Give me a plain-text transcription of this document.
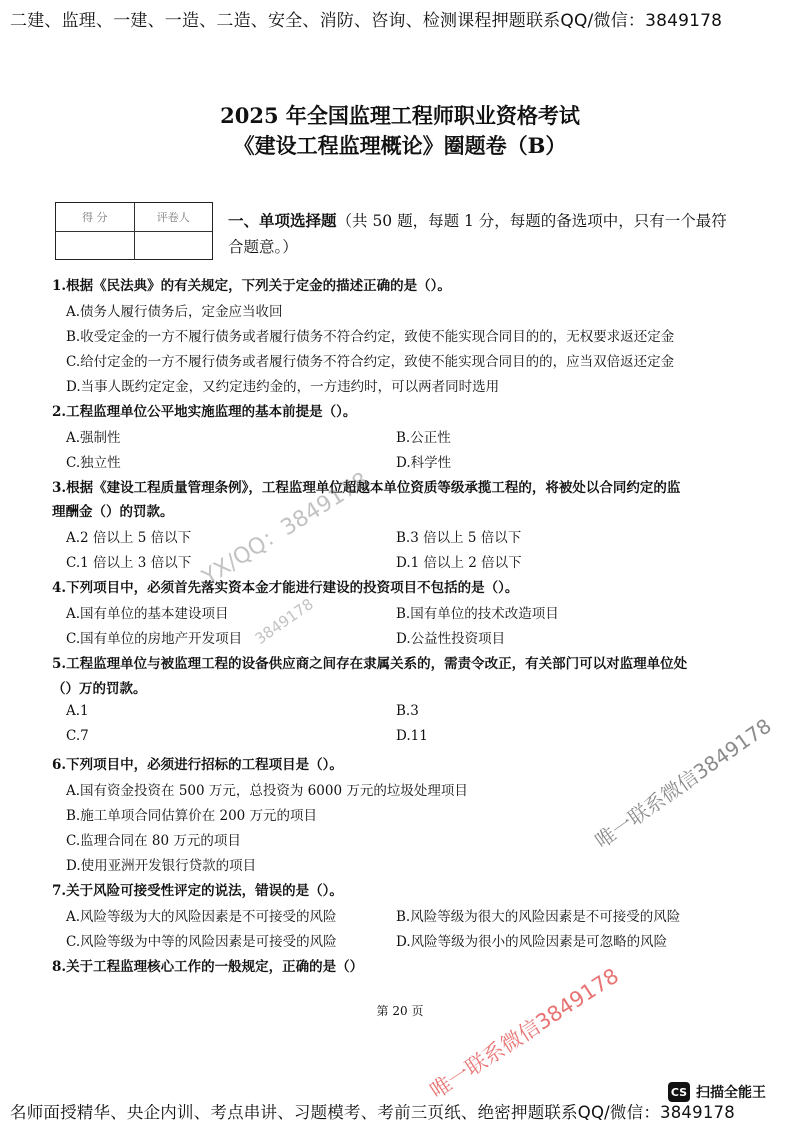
二建、监理、一建、一造、二造、安全、消防、咨询、检测课程押题联系QQ/微信：3849178
2025 年全国监理工程师职业资格考试
《建设工程监理概论》圈题卷（B）
得 分	评卷人	一、单项选择题（共 50 题，每题 1 分，每题的备选项中，只有一个最符合题意。）
1.根据《民法典》的有关规定，下列关于定金的描述正确的是（）。
A.债务人履行债务后，定金应当收回
B.收受定金的一方不履行债务或者履行债务不符合约定，致使不能实现合同目的的，无权要求返还定金
C.给付定金的一方不履行债务或者履行债务不符合约定，致使不能实现合同目的的，应当双倍返还定金
D.当事人既约定定金，又约定违约金的，一方违约时，可以两者同时选用
2.工程监理单位公平地实施监理的基本前提是（）。
A.强制性	B.公正性
C.独立性	D.科学性
3.根据《建设工程质量管理条例》，工程监理单位超越本单位资质等级承揽工程的，将被处以合同约定的监
理酬金（）的罚款。
A.2 倍以上 5 倍以下	B.3 倍以上 5 倍以下
C.1 倍以上 3 倍以下	D.1 倍以上 2 倍以下
4.下列项目中，必须首先落实资本金才能进行建设的投资项目不包括的是（）。
A.国有单位的基本建设项目	B.国有单位的技术改造项目
C.国有单位的房地产开发项目	D.公益性投资项目
5.工程监理单位与被监理工程的设备供应商之间存在隶属关系的，需责令改正，有关部门可以对监理单位处
（）万的罚款。
A.1	B.3
C.7	D.11
6.下列项目中，必须进行招标的工程项目是（）。
A.国有资金投资在 500 万元，总投资为 6000 万元的垃圾处理项目
B.施工单项合同估算价在 200 万元的项目
C.监理合同在 80 万元的项目
D.使用亚洲开发银行贷款的项目
7.关于风险可接受性评定的说法，错误的是（）。
A.风险等级为大的风险因素是不可接受的风险	B.风险等级为很大的风险因素是不可接受的风险
C.风险等级为中等的风险因素是可接受的风险	D.风险等级为很小的风险因素是可忽略的风险
8.关于工程监理核心工作的一般规定，正确的是（）
第 20 页
YX/QQ：3849178
3849178
唯一联系微信3849178
唯一联系微信3849178	CS 扫描全能王
名师面授精华、央企内训、考点串讲、习题模考、考前三页纸、绝密押题联系QQ/微信：3849178
